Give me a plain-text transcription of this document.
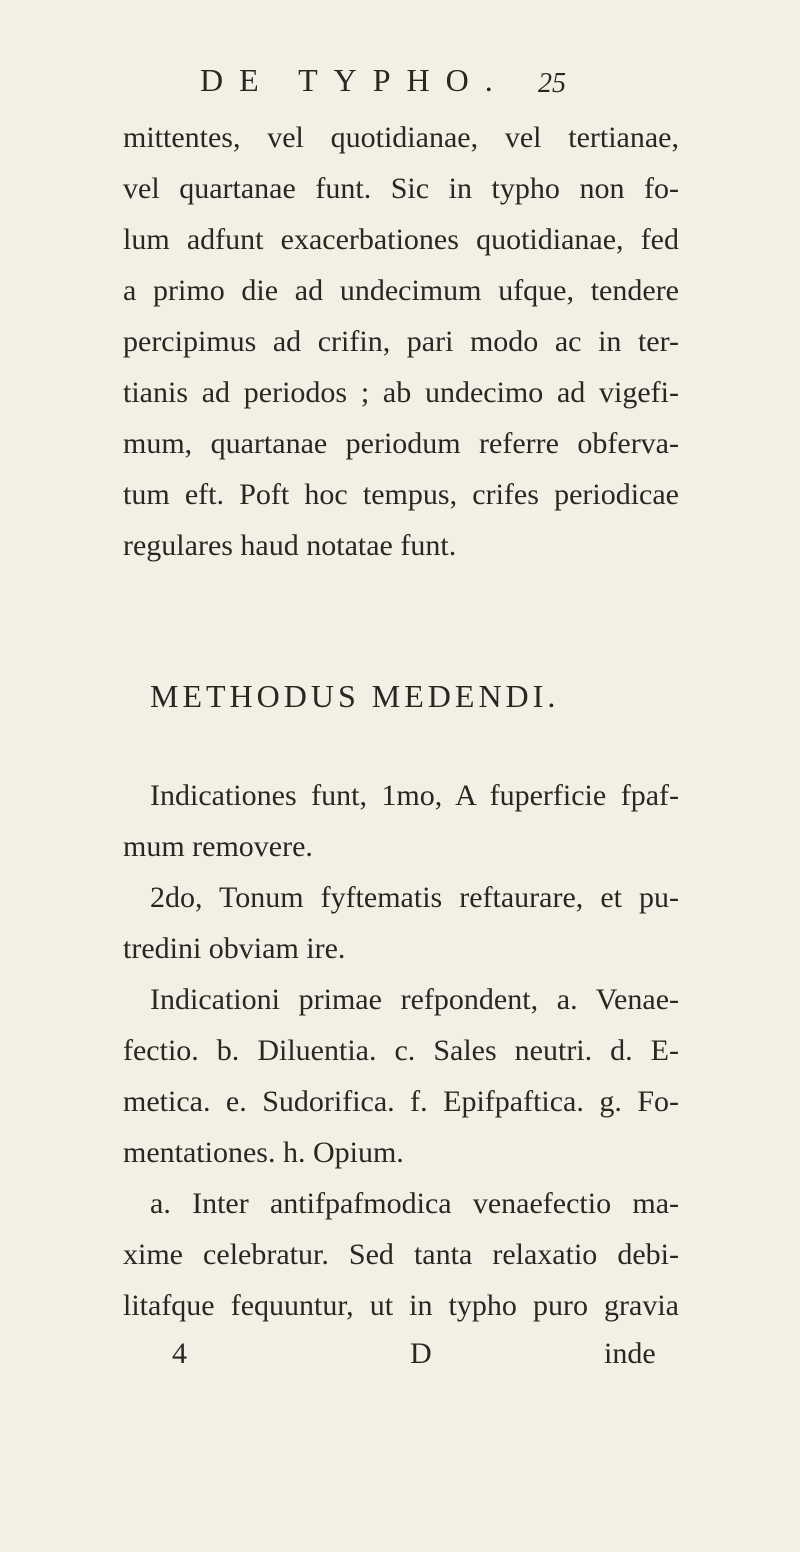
DE TYPHO. 25
mittentes, vel quotidianae, vel tertianae,
vel quartanae funt. Sic in typho non fo-
lum adfunt exacerbationes quotidianae, fed
a primo die ad undecimum ufque, tendere
percipimus ad crifin, pari modo ac in ter-
tianis ad periodos ; ab undecimo ad vigefi-
mum, quartanae periodum referre obferva-
tum eft. Poft hoc tempus, crifes periodicae
regulares haud notatae funt.
METHODUS MEDENDI.
Indicationes funt, 1mo, A fuperficie fpaf-
mum removere.
2do, Tonum fyftematis reftaurare, et pu-
tredini obviam ire.
Indicationi primae refpondent, a. Venae-
fectio. b. Diluentia. c. Sales neutri. d. E-
metica. e. Sudorifica. f. Epifpaftica. g. Fo-
mentationes. h. Opium.
a. Inter antifpafmodica venaefectio ma-
xime celebratur. Sed tanta relaxatio debi-
litafque fequuntur, ut in typho puro gravia
4	D	inde
